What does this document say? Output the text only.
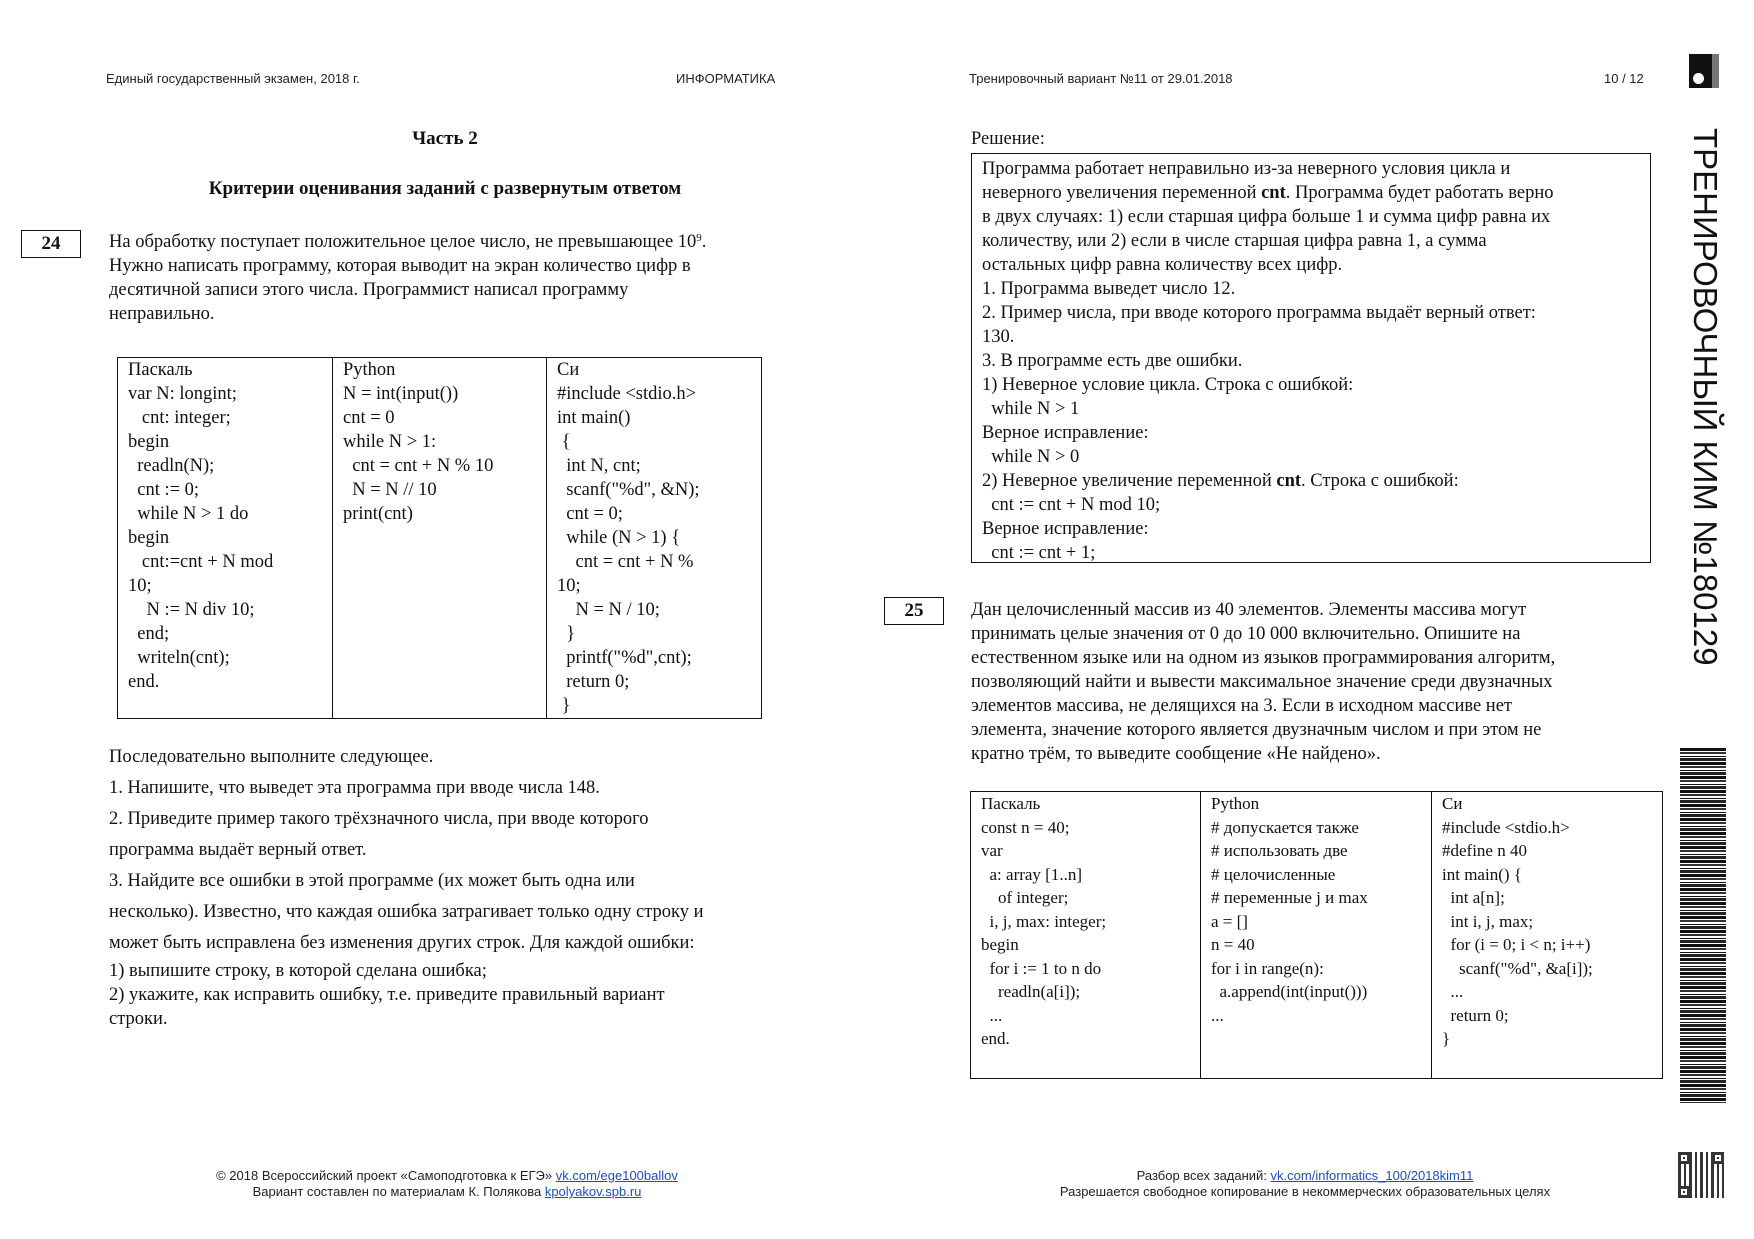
Единый государственный экзамен, 2018 г.	ИНФОРМАТИКА	Тренировочный вариант №11 от 29.01.2018	10 / 12
Часть 2
Критерии оценивания заданий с развернутым ответом
24	На обработку поступает положительное целое число, не превышающее $10^9$.
Нужно написать программу, которая выводит на экран количество цифр в
десятичной записи этого числа. Программист написал программу
неправильно.
Паскаль
var N: longint;
cnt: integer;
begin
readln(N);
cnt := 0;
while N > 1 do
begin
cnt:=cnt + N mod
10;
N := N div 10;
end;
writeln(cnt);
end.

Python
N = int(input())
cnt = 0
while N > 1:
cnt = cnt + N % 10
N = N // 10
print(cnt)

Си
#include <stdio.h>
int main()
{
int N, cnt;
scanf("%d", &N);
cnt = 0;
while (N > 1) {
cnt = cnt + N %
10;
N = N / 10;
}
printf("%d",cnt);
return 0;
}
Последовательно выполните следующее.
1. Напишите, что выведет эта программа при вводе числа 148.
2. Приведите пример такого трёхзначного числа, при вводе которого
программа выдаёт верный ответ.
3. Найдите все ошибки в этой программе (их может быть одна или
несколько). Известно, что каждая ошибка затрагивает только одну строку и
может быть исправлена без изменения других строк. Для каждой ошибки:
1) выпишите строку, в которой сделана ошибка;
2) укажите, как исправить ошибку, т.е. приведите правильный вариант
строки.
Решение:
Программа работает неправильно из-за неверного условия цикла и
неверного увеличения переменной cnt. Программа будет работать верно
в двух случаях: 1) если старшая цифра больше 1 и сумма цифр равна их
количеству, или 2) если в числе старшая цифра равна 1, а сумма
остальных цифр равна количеству всех цифр.
1. Программа выведет число 12.
2. Пример числа, при вводе которого программа выдаёт верный ответ:
130.
3. В программе есть две ошибки.
1) Неверное условие цикла. Строка с ошибкой:
while N > 1
Верное исправление:
while N > 0
2) Неверное увеличение переменной cnt. Строка с ошибкой:
cnt := cnt + N mod 10;
Верное исправление:
cnt := cnt + 1;
25	Дан целочисленный массив из 40 элементов. Элементы массива могут
принимать целые значения от 0 до 10 000 включительно. Опишите на
естественном языке или на одном из языков программирования алгоритм,
позволяющий найти и вывести максимальное значение среди двузначных
элементов массива, не делящихся на 3. Если в исходном массиве нет
элемента, значение которого является двузначным числом и при этом не
кратно трём, то выведите сообщение «Не найдено».
Паскаль
const n = 40;
var
a: array [1..n]
of integer;
i, j, max: integer;
begin
for i := 1 to n do
readln(a[i]);
...
end.

Python
# допускается также
# использовать две
# целочисленные
# переменные j и max
a = []
n = 40
for i in range(n):
a.append(int(input()))
...

Си
#include <stdio.h>
#define n 40
int main() {
int a[n];
int i, j, max;
for (i = 0; i < n; i++)
scanf("%d", &a[i]);
...
return 0;
}
ТРЕНИРОВОЧНЫЙ КИМ №180129
© 2018 Всероссийский проект «Самоподготовка к ЕГЭ» vk.com/ege100ballov
Вариант составлен по материалам К. Полякова kpolyakov.spb.ru
Разбор всех заданий: vk.com/informatics_100/2018kim11
Разрешается свободное копирование в некоммерческих образовательных целях
